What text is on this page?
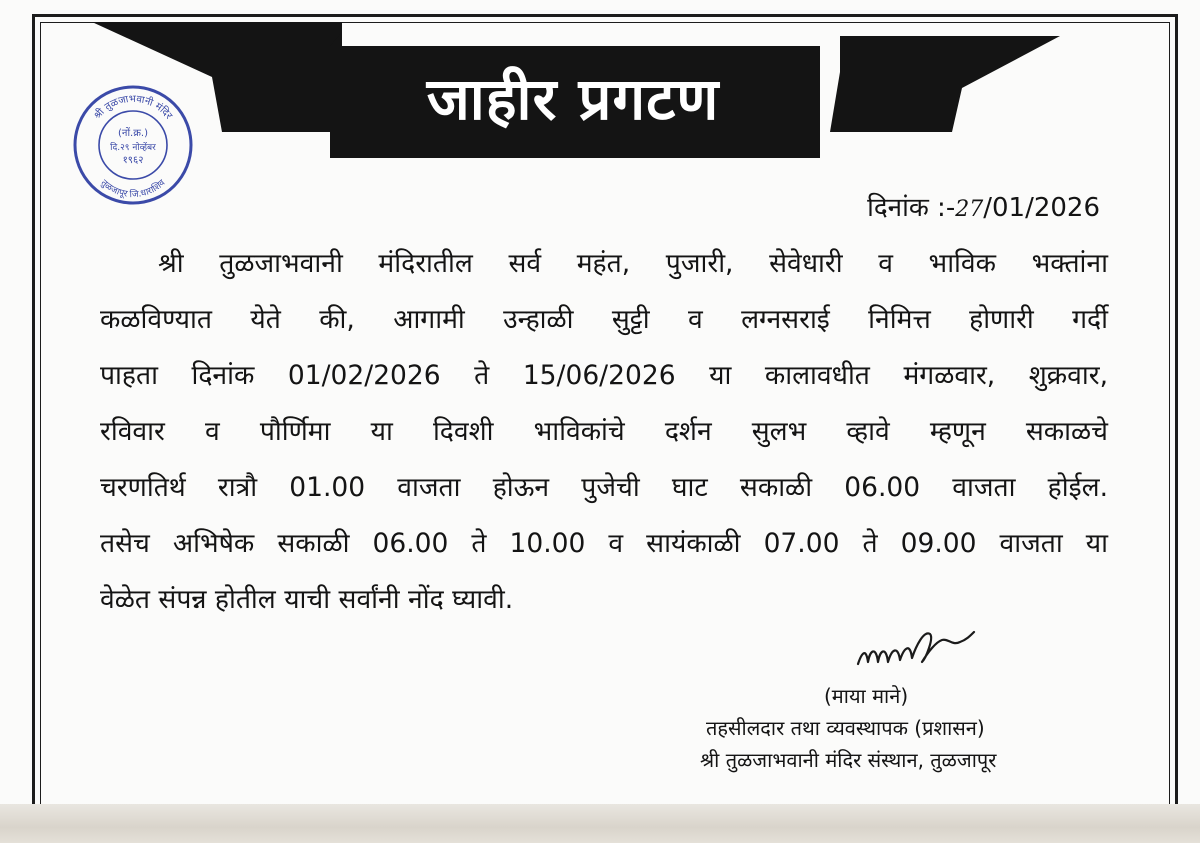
जाहीर प्रगटण
श्री तुळजाभवानी मंदिर
तुळजापूर जि.धाराशिव
(नों.क्र.)
दि.२९ नोव्हेंबर
१९६२
दिनांक :-27/01/2026
श्री तुळजाभवानी मंदिरातील सर्व महंत, पुजारी, सेवेधारी व भाविक भक्तांना
कळविण्यात येते की, आगामी उन्हाळी सुट्टी व लग्नसराई निमित्त होणारी गर्दी
पाहता दिनांक 01/02/2026 ते 15/06/2026 या कालावधीत मंगळवार, शुक्रवार,
रविवार व पौर्णिमा या दिवशी भाविकांचे दर्शन सुलभ व्हावे म्हणून सकाळचे
चरणतिर्थ रात्रौ 01.00 वाजता होऊन पुजेची घाट सकाळी 06.00 वाजता होईल.
तसेच अभिषेक सकाळी 06.00 ते 10.00 व सायंकाळी 07.00 ते 09.00 वाजता या
वेळेत संपन्न होतील याची सर्वांनी नोंद घ्यावी.
(माया माने)
तहसीलदार तथा व्यवस्थापक (प्रशासन)
श्री तुळजाभवानी मंदिर संस्थान, तुळजापूर
